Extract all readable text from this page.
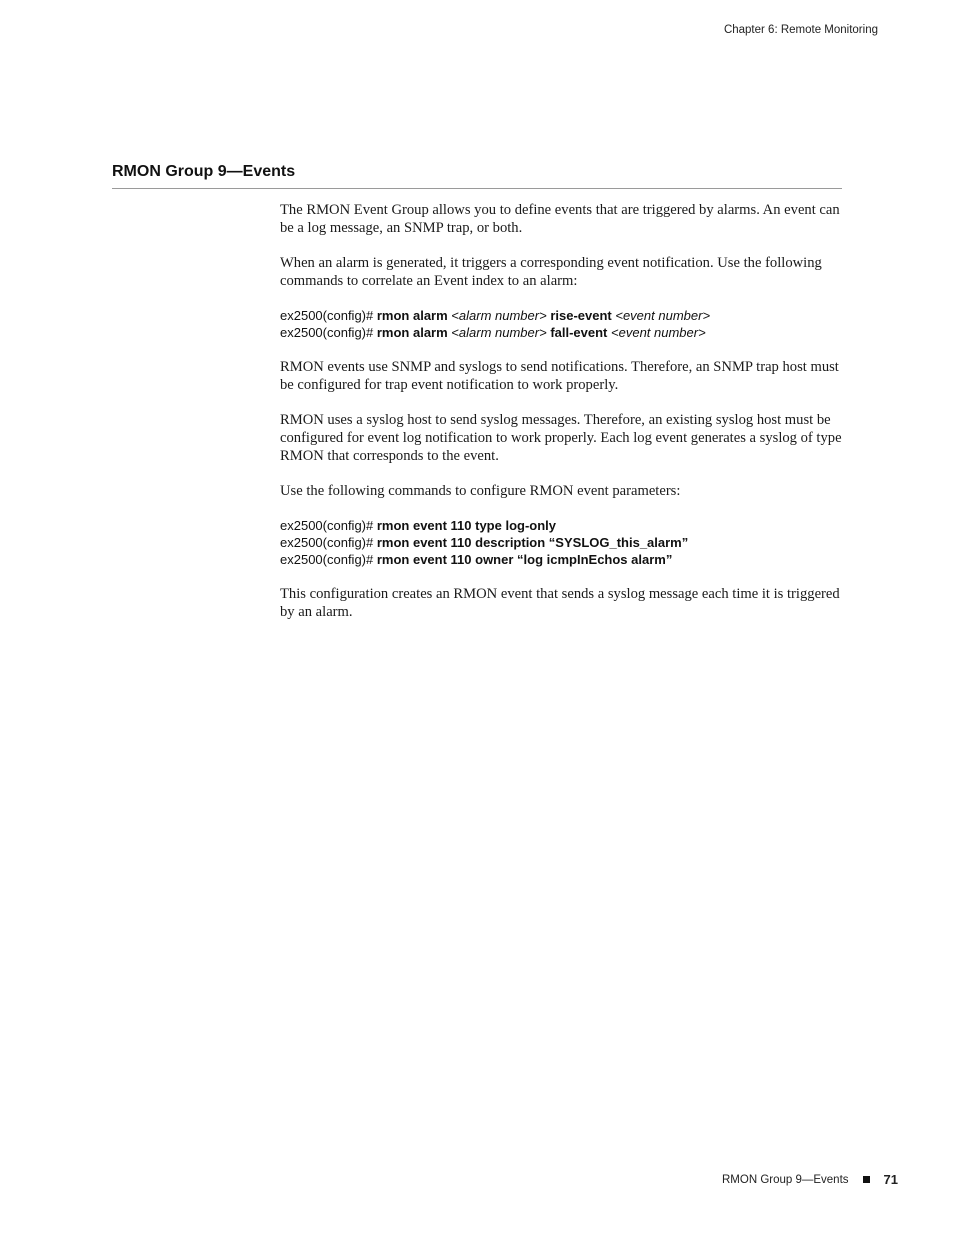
Chapter 6: Remote Monitoring
RMON Group 9—Events

The RMON Event Group allows you to define events that are triggered by alarms. An event can be a log message, an SNMP trap, or both.

When an alarm is generated, it triggers a corresponding event notification. Use the following commands to correlate an Event index to an alarm:

ex2500(config)# rmon alarm <alarm number> rise-event <event number>
ex2500(config)# rmon alarm <alarm number> fall-event <event number>

RMON events use SNMP and syslogs to send notifications. Therefore, an SNMP trap host must be configured for trap event notification to work properly.

RMON uses a syslog host to send syslog messages. Therefore, an existing syslog host must be configured for event log notification to work properly. Each log event generates a syslog of type RMON that corresponds to the event.

Use the following commands to configure RMON event parameters:

ex2500(config)# rmon event 110 type log-only
ex2500(config)# rmon event 110 description “SYSLOG_this_alarm”
ex2500(config)# rmon event 110 owner “log icmpInEchos alarm”

This configuration creates an RMON event that sends a syslog message each time it is triggered by an alarm.

RMON Group 9—Events	71
